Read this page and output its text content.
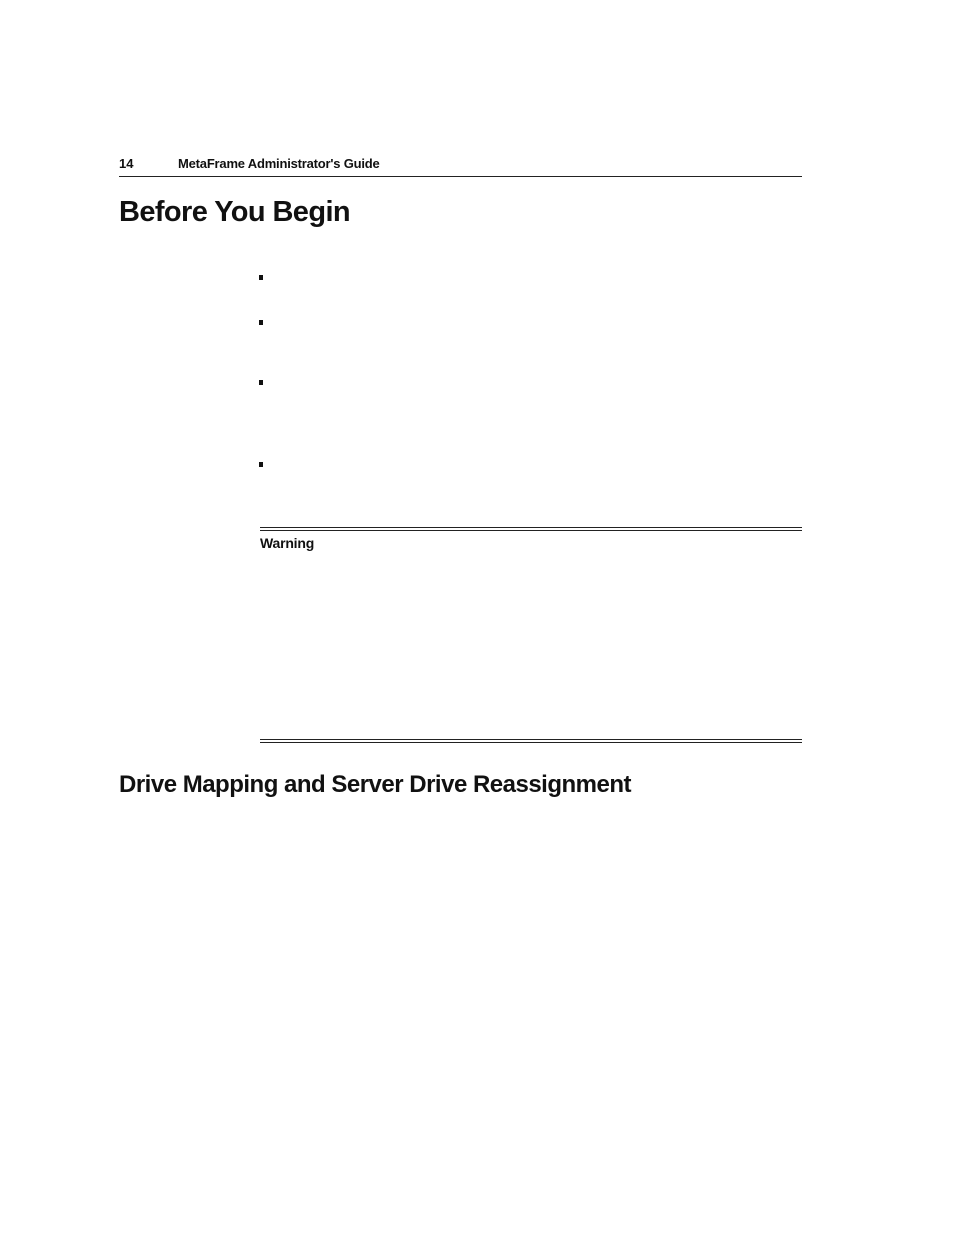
14	MetaFrame Administrator's Guide
Before You Begin
Warning
Drive Mapping and Server Drive Reassignment
